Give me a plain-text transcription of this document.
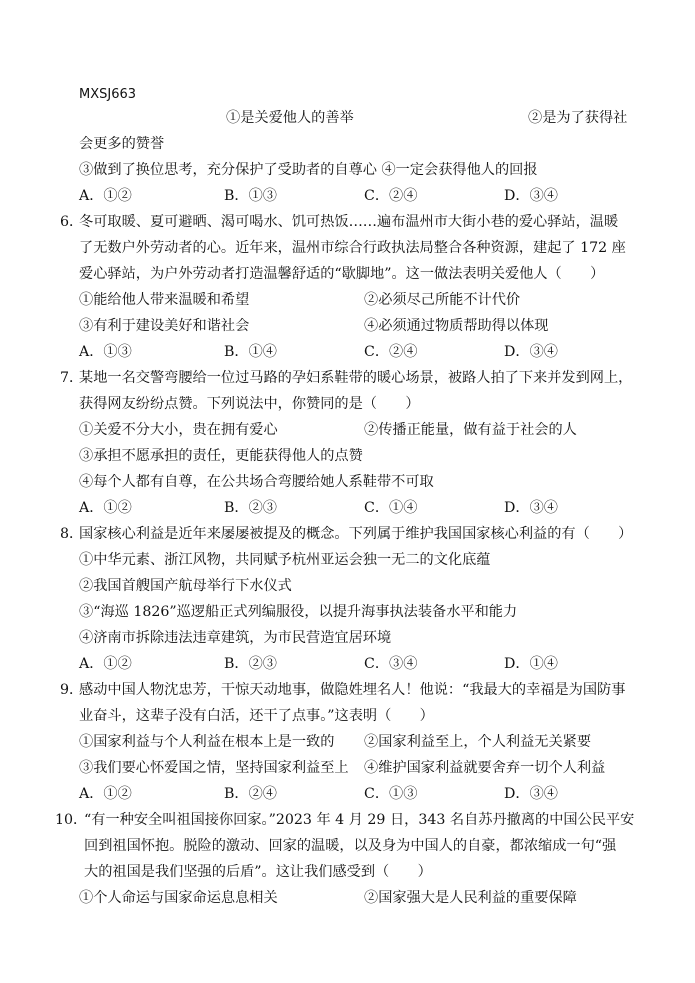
MXSJ663
①是关爱他人的善举	②是为了获得社
会更多的赞誉
③做到了换位思考，充分保护了受助者的自尊心 ④一定会获得他人的回报
A．①②	B．①③	C．②④	D．③④
6．
冬可取暖、夏可避晒、渴可喝水、饥可热饭……遍布温州市大街小巷的爱心驿站，温暖
了无数户外劳动者的心。近年来，温州市综合行政执法局整合各种资源，建起了 172 座
爱心驿站，为户外劳动者打造温馨舒适的“歇脚地”。这一做法表明关爱他人（　　）
①能给他人带来温暖和希望	②必须尽己所能不计代价
③有利于建设美好和谐社会	④必须通过物质帮助得以体现
A．①③	B．①④	C．②④	D．③④
7．
某地一名交警弯腰给一位过马路的孕妇系鞋带的暖心场景，被路人拍了下来并发到网上，
获得网友纷纷点赞。下列说法中，你赞同的是（　　）
①关爱不分大小，贵在拥有爱心	②传播正能量，做有益于社会的人
③承担不愿承担的责任，更能获得他人的点赞
④每个人都有自尊，在公共场合弯腰给她人系鞋带不可取
A．①②	B．②③	C．①④	D．③④
8．
国家核心利益是近年来屡屡被提及的概念。下列属于维护我国国家核心利益的有（　　）
①中华元素、浙江风物，共同赋予杭州亚运会独一无二的文化底蕴
②我国首艘国产航母举行下水仪式
③“海巡 1826”巡逻船正式列编服役，以提升海事执法装备水平和能力
④济南市拆除违法违章建筑，为市民营造宜居环境
A．①②	B．②③	C．③④	D．①④
9．
感动中国人物沈忠芳，干惊天动地事，做隐姓埋名人！他说：“我最大的幸福是为国防事
业奋斗，这辈子没有白活，还干了点事。”这表明（　　）
①国家利益与个人利益在根本上是一致的 ②国家利益至上，个人利益无关紧要
③我们要心怀爱国之情，坚持国家利益至上 ④维护国家利益就要舍弃一切个人利益
A．①②	B．②④	C．①③	D．③④
10．
“有一种安全叫祖国接你回家。”2023 年 4 月 29 日，343 名自苏丹撤离的中国公民平安
回到祖国怀抱。脱险的激动、回家的温暖，以及身为中国人的自豪，都浓缩成一句“强
大的祖国是我们坚强的后盾”。这让我们感受到（　　）
①个人命运与国家命运息息相关	②国家强大是人民利益的重要保障
